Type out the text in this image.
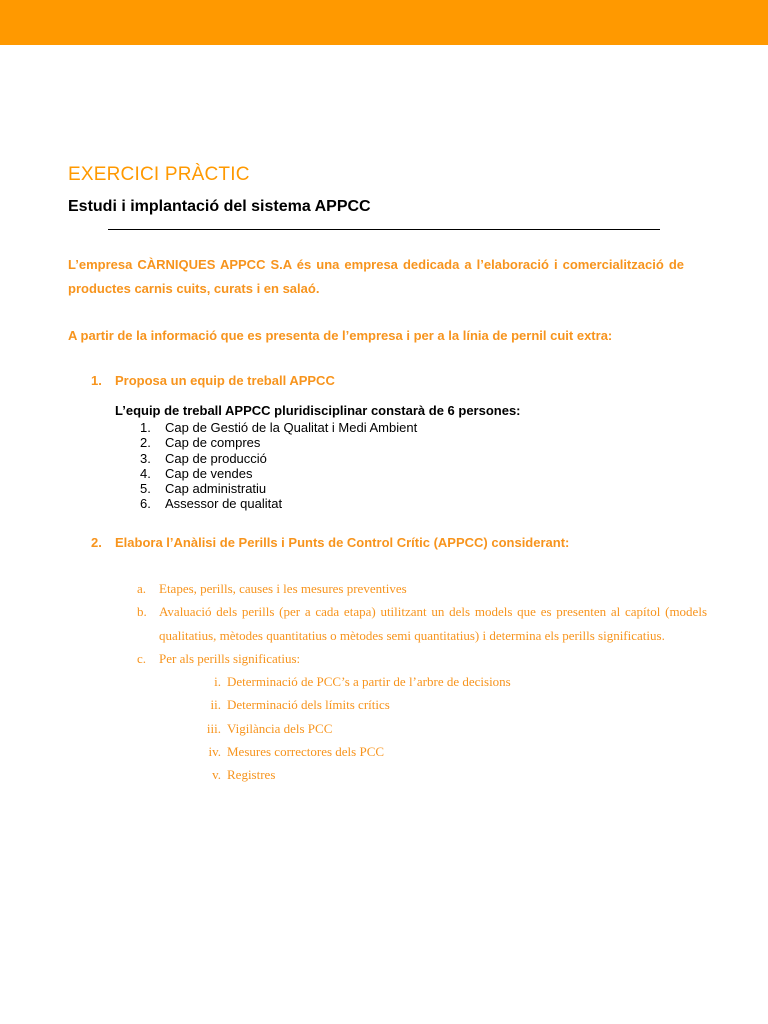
EXERCICI PRÀCTIC
Estudi i implantació del sistema APPCC

L’empresa CÀRNIQUES APPCC S.A és una empresa dedicada a l’elaboració i comercialització de productes carnis cuits, curats i en salaó.

A partir de la informació que es presenta de l’empresa i per a la línia de pernil cuit extra:

1. Proposa un equip de treball APPCC

L’equip de treball APPCC pluridisciplinar constarà de 6 persones:

1. Cap de Gestió de la Qualitat i Medi Ambient
2. Cap de compres
3. Cap de producció
4. Cap de vendes
5. Cap administratiu
6. Assessor de qualitat

2. Elabora l’Anàlisi de Perills i Punts de Control Crític (APPCC) considerant:

a. Etapes, perills, causes i les mesures preventives
b. Avaluació dels perills (per a cada etapa) utilitzant un dels models que es presenten al capítol (models qualitatius, mètodes quantitatius o mètodes semi quantitatius) i determina els perills significatius.
c. Per als perills significatius:
i. Determinació de PCC’s a partir de l’arbre de decisions
ii. Determinació dels límits crítics
iii. Vigilància dels PCC
iv. Mesures correctores dels PCC
v. Registres
